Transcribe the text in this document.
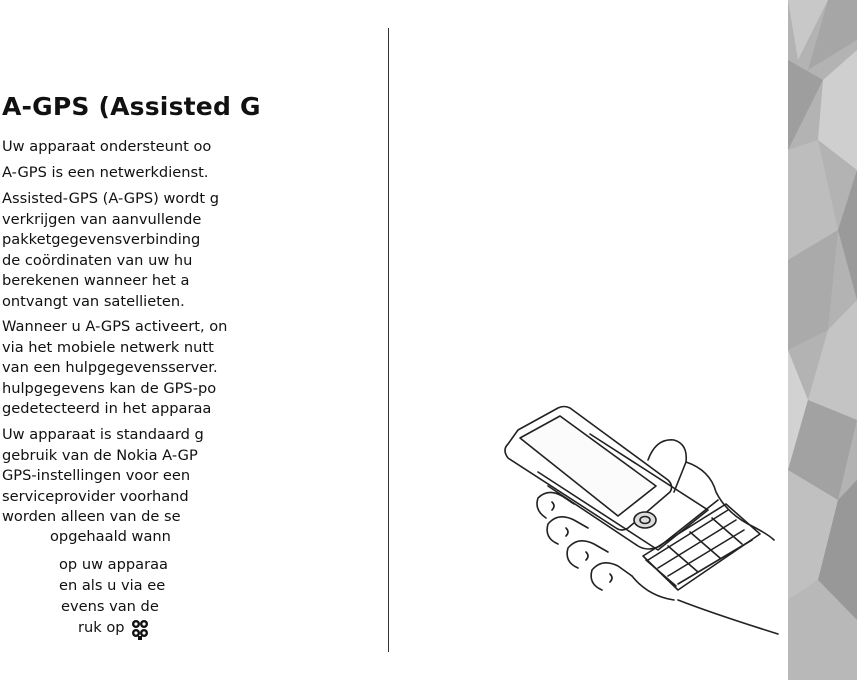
A-GPS (Assisted G
Uw apparaat ondersteunt oo
A-GPS is een netwerkdienst.
Assisted-GPS (A-GPS) wordt g
verkrijgen van aanvullende
pakketgegevensverbinding
de coördinaten van uw hu
berekenen wanneer het a
ontvangt van satellieten.
Wanneer u A-GPS activeert, on
via het mobiele netwerk nutt
van een hulpgegevensserver.
hulpgegevens kan de GPS-po
gedetecteerd in het apparaa
Uw apparaat is standaard g
gebruik van de Nokia A-GP
GPS-instellingen voor een
serviceprovider voorhand
worden alleen van de se
opgehaald wann
op uw apparaa
en als u via ee
evens van de
ruk op
